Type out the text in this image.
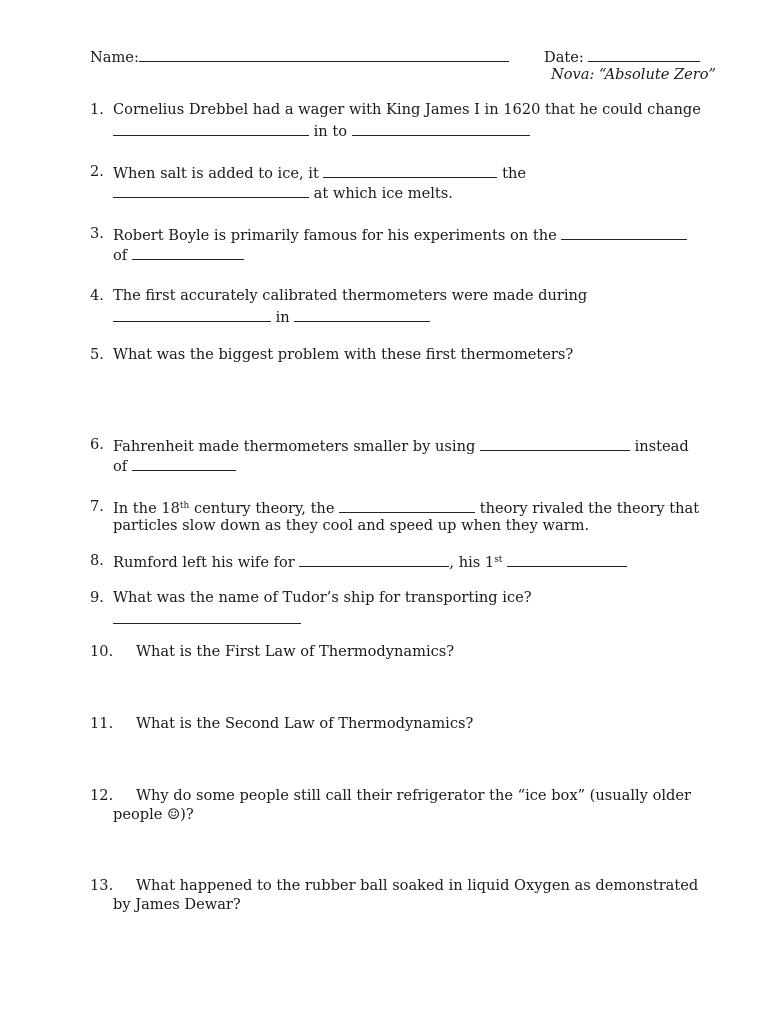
Name:	Date:
Nova: “Absolute Zero”
1. Cornelius Drebbel had a wager with King James I in 1620 that he could change
in to
2. When salt is added to ice, it	the
at which ice melts.
3. Robert Boyle is primarily famous for his experiments on the
of
4. The first accurately calibrated thermometers were made during
in
5. What was the biggest problem with these first thermometers?
6. Fahrenheit made thermometers smaller by using	instead
of
7. In the 18th century theory, the	theory rivaled the theory that
particles slow down as they cool and speed up when they warm.
8. Rumford left his wife for	, his 1st
9. What was the name of Tudor’s ship for transporting ice?
10. What is the First Law of Thermodynamics?
11. What is the Second Law of Thermodynamics?
12. Why do some people still call their refrigerator the “ice box” (usually older
people ☺)?
13. What happened to the rubber ball soaked in liquid Oxygen as demonstrated
by James Dewar?
